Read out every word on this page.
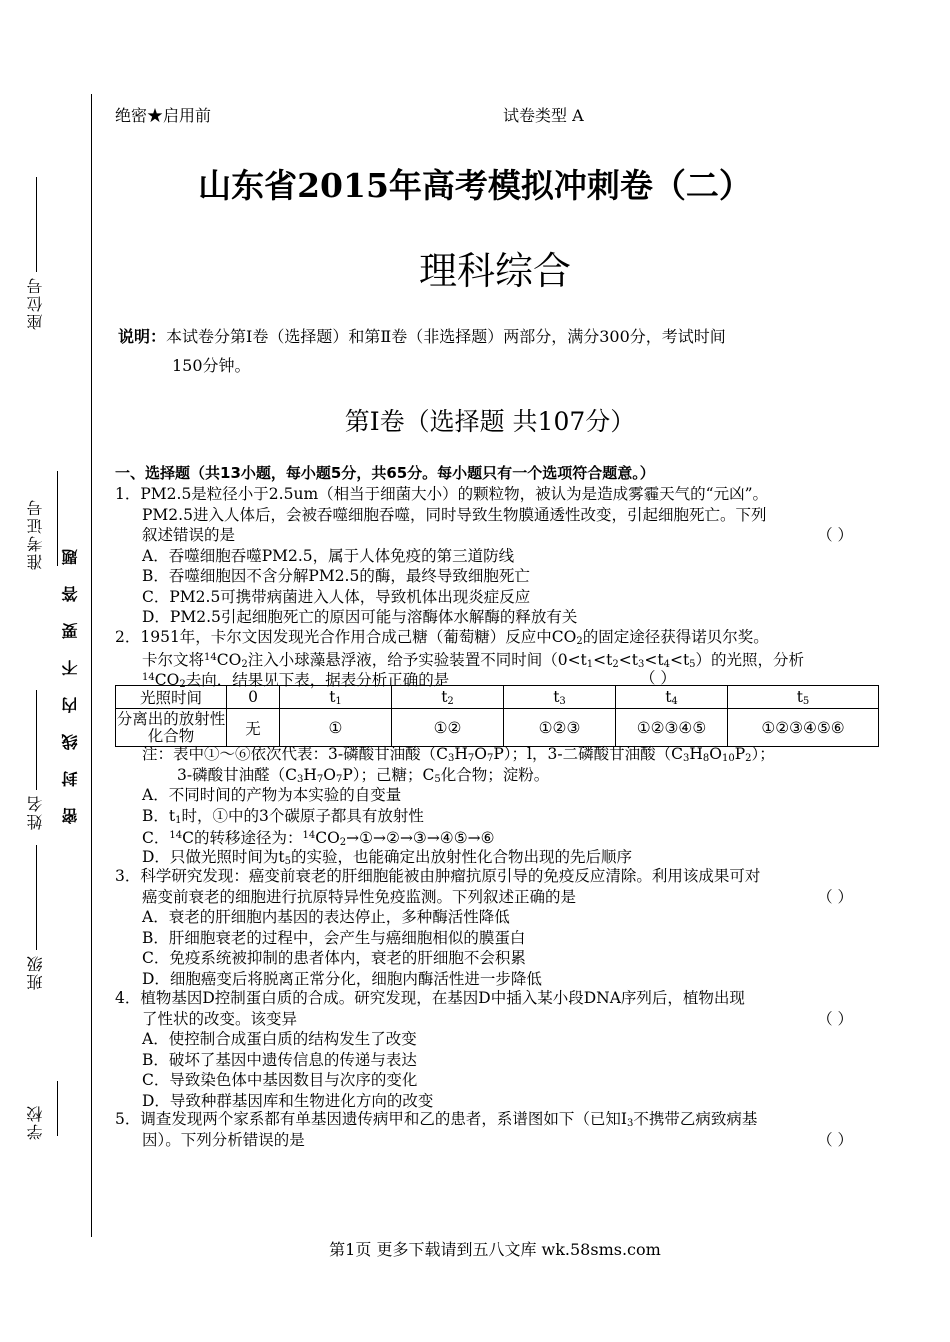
座位号
准考证号
姓名
班级
学校
密封线内不要答题
绝密★启用前	试卷类型 A
山东省2015年高考模拟冲刺卷（二）
理科综合
说明：本试卷分第Ⅰ卷（选择题）和第Ⅱ卷（非选择题）两部分，满分300分，考试时间
150分钟。
第Ⅰ卷（选择题 共107分）
一、选择题（共13小题，每小题5分，共65分。每小题只有一个选项符合题意。）
1．PM2.5是粒径小于2.5um（相当于细菌大小）的颗粒物，被认为是造成雾霾天气的“元凶”。
PM2.5进入人体后，会被吞噬细胞吞噬，同时导致生物膜通透性改变，引起细胞死亡。下列
叙述错误的是	（ ）
A．吞噬细胞吞噬PM2.5，属于人体免疫的第三道防线
B．吞噬细胞因不含分解PM2.5的酶，最终导致细胞死亡
C．PM2.5可携带病菌进入人体，导致机体出现炎症反应
D．PM2.5引起细胞死亡的原因可能与溶酶体水解酶的释放有关
2．1951年，卡尔文因发现光合作用合成己糖（葡萄糖）反应中$CO_2$的固定途径获得诺贝尔奖。
卡尔文将$^{14}CO_2$注入小球藻悬浮液，给予实验装置不同时间$(0<t_1<t_2<t_3<t_4<t_5)$的光照，分析
$^{14}CO_2$去向．结果见下表，据表分析正确的是	（ ）
光照时间	0	$t_1$	$t_2$	$t_3$	$t_4$	$t_5$
分离出的放射性化合物	无	①	①②	①②③	①②③④⑤	①②③④⑤⑥
注：表中①～⑥依次代表：3-磷酸甘油酸$(C_3H_7O_7P)$；l，3-二磷酸甘油酸$(C_3H_8O_{10}P_2)$；
3-磷酸甘油醛$(C_3H_7O_7P)$；己糖；$C_5$化合物；淀粉。
A．不同时间的产物为本实验的自变量
B．$t_1$时，①中的3个碳原子都具有放射性
C．$^{14}$C的转移途径为：$^{14}CO_2\to ①\to ②\to ③\to ④⑤\to ⑥$
D．只做光照时间为$t_5$的实验，也能确定出放射性化合物出现的先后顺序
3．科学研究发现：癌变前衰老的肝细胞能被由肿瘤抗原引导的免疫反应清除。利用该成果可对
癌变前衰老的细胞进行抗原特异性免疫监测。下列叙述正确的是	（ ）
A．衰老的肝细胞内基因的表达停止，多种酶活性降低
B．肝细胞衰老的过程中，会产生与癌细胞相似的膜蛋白
C．免疫系统被抑制的患者体内，衰老的肝细胞不会积累
D．细胞癌变后将脱离正常分化，细胞内酶活性进一步降低
4．植物基因D控制蛋白质的合成。研究发现，在基因D中插入某小段DNA序列后，植物出现
了性状的改变。该变异	（ ）
A．使控制合成蛋白质的结构发生了改变
B．破坏了基因中遗传信息的传递与表达
C．导致染色体中基因数目与次序的变化
D．导致种群基因库和生物进化方向的改变
5．调查发现两个家系都有单基因遗传病甲和乙的患者，系谱图如下（已知$I_3$不携带乙病致病基
因）。下列分析错误的是	（ ）
第1页 更多下载请到五八文库 wk.58sms.com
